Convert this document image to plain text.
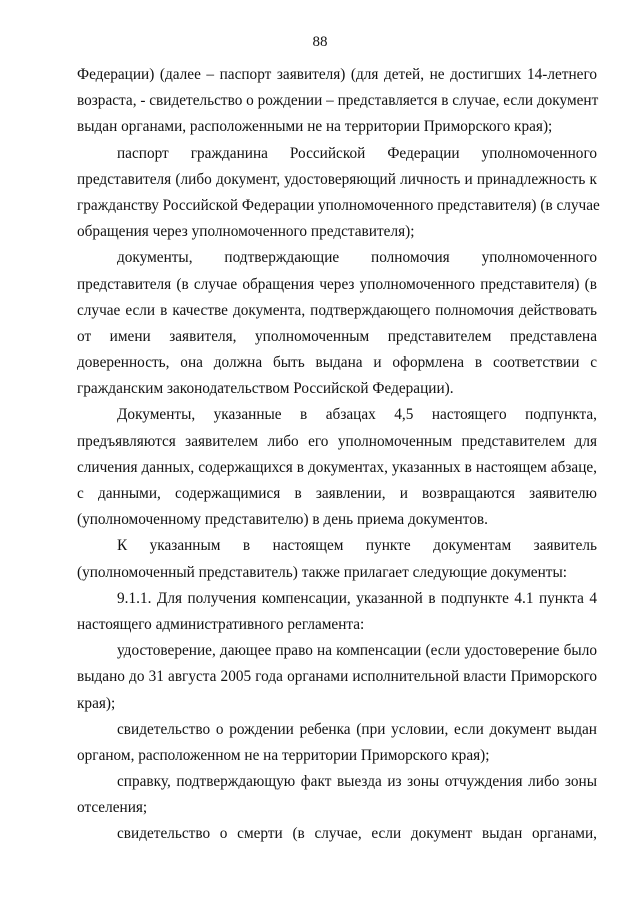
88

Федерации) (далее – паспорт заявителя) (для детей, не достигших 14-летнего
возраста, - свидетельство о рождении – представляется в случае, если документ
выдан органами, расположенными не на территории Приморского края);

паспорт гражданина Российской Федерации уполномоченного
представителя (либо документ, удостоверяющий личность и принадлежность к
гражданству Российской Федерации уполномоченного представителя) (в случае
обращения через уполномоченного представителя);

документы, подтверждающие полномочия уполномоченного
представителя (в случае обращения через уполномоченного представителя) (в
случае если в качестве документа, подтверждающего полномочия действовать
от имени заявителя, уполномоченным представителем представлена
доверенность, она должна быть выдана и оформлена в соответствии с
гражданским законодательством Российской Федерации).

Документы, указанные в абзацах 4,5 настоящего подпункта,
предъявляются заявителем либо его уполномоченным представителем для
сличения данных, содержащихся в документах, указанных в настоящем абзаце,
с данными, содержащимися в заявлении, и возвращаются заявителю
(уполномоченному представителю) в день приема документов.

К указанным в настоящем пункте документам заявитель
(уполномоченный представитель) также прилагает следующие документы:

9.1.1. Для получения компенсации, указанной в подпункте 4.1 пункта 4
настоящего административного регламента:

удостоверение, дающее право на компенсации (если удостоверение было
выдано до 31 августа 2005 года органами исполнительной власти Приморского
края);

свидетельство о рождении ребенка (при условии, если документ выдан
органом, расположенном не на территории Приморского края);

справку, подтверждающую факт выезда из зоны отчуждения либо зоны
отселения;

свидетельство о смерти (в случае, если документ выдан органами,
